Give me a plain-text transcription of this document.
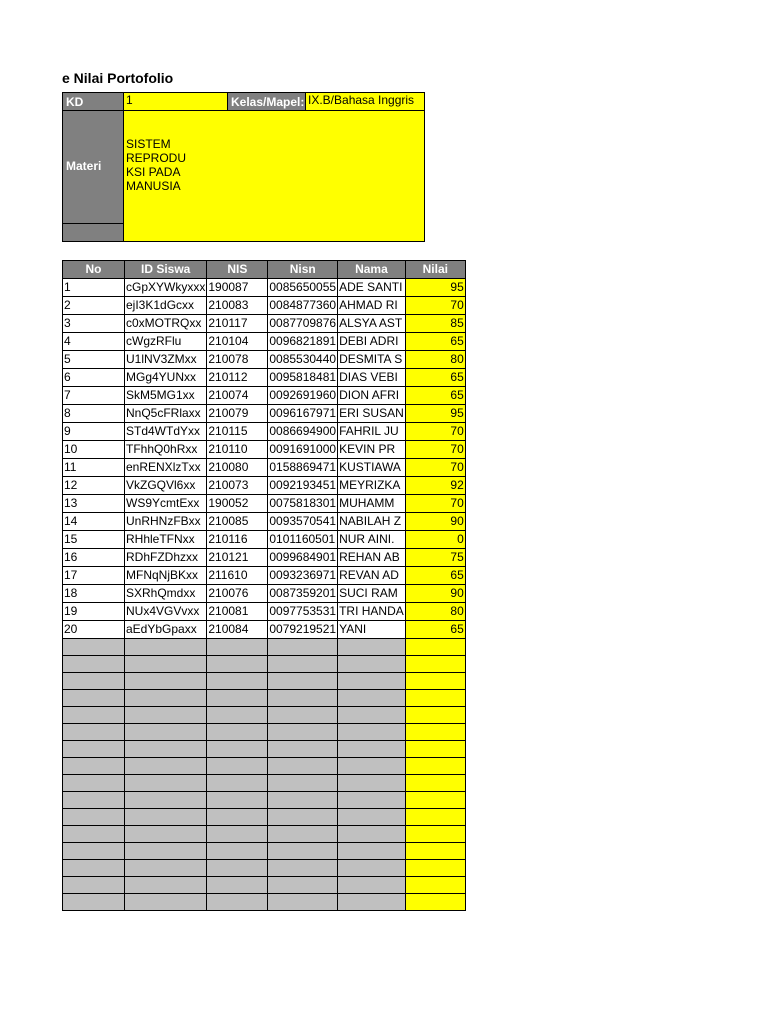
e Nilai Portofolio
KD	1	Kelas/Mapel: IX.B/Bahasa Inggris
Materi
SISTEM
REPRODU
KSI PADA
MANUSIA
No	ID Siswa	NIS	Nisn	Nama	Nilai
1	cGpXYWkyxxx	190087	0085650055	ADE SANTI	95
2	ejI3K1dGcxx	210083	0084877360	AHMAD RI	70
3	c0xMOTRQxx	210117	0087709876	ALSYA AST	85
4	cWgzRFlu	210104	0096821891	DEBI ADRI	65
5	U1lNV3ZMxx	210078	0085530440	DESMITA S	80
6	MGg4YUNxx	210112	0095818481	DIAS VEBI	65
7	SkM5MG1xx	210074	0092691960	DION AFRI	65
8	NnQ5cFRlaxx	210079	0096167971	ERI SUSAN	95
9	STd4WTdYxx	210115	0086694900	FAHRIL JU	70
10	TFhhQ0hRxx	210110	0091691000	KEVIN PR	70
11	enRENXlzTxx	210080	0158869471	KUSTIAWA	70
12	VkZGQVl6xx	210073	0092193451	MEYRIZKA	92
13	WS9YcmtExx	190052	0075818301	MUHAMM	70
14	UnRHNzFBxx	210085	0093570541	NABILAH Z	90
15	RHhleTFNxx	210116	0101160501	NUR AINI.	0
16	RDhFZDhzxx	210121	0099684901	REHAN AB	75
17	MFNqNjBKxx	211610	0093236971	REVAN AD	65
18	SXRhQmdxx	210076	0087359201	SUCI RAM	90
19	NUx4VGVvxx	210081	0097753531	TRI HANDA	80
20	aEdYbGpaxx	210084	0079219521	YANI	65
